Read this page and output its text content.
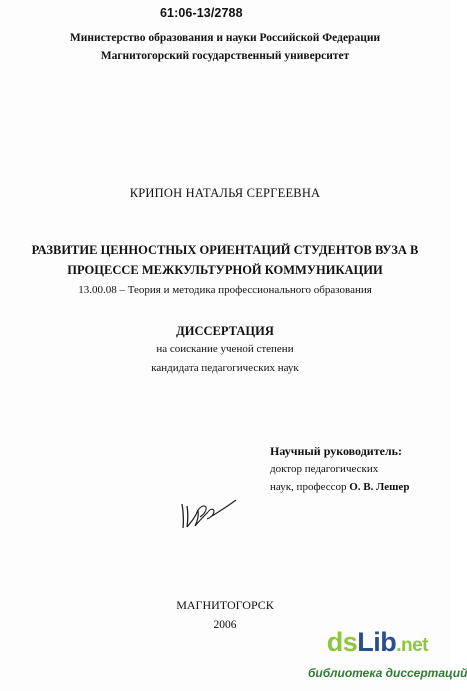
61:06-13/2788
Министерство образования и науки Российской Федерации
Магнитогорский государственный университет
КРИПОН НАТАЛЬЯ СЕРГЕЕВНА
РАЗВИТИЕ ЦЕННОСТНЫХ ОРИЕНТАЦИЙ СТУДЕНТОВ ВУЗА В
ПРОЦЕССЕ МЕЖКУЛЬТУРНОЙ КОММУНИКАЦИИ
13.00.08 – Теория и методика профессионального образования
ДИССЕРТАЦИЯ
на соискание ученой степени
кандидата педагогических наук
Научный руководитель:
доктор педагогических
наук, профессор О. В. Лешер
МАГНИТОГОРСК
2006
dsLib.net
библиотека диссертаций
